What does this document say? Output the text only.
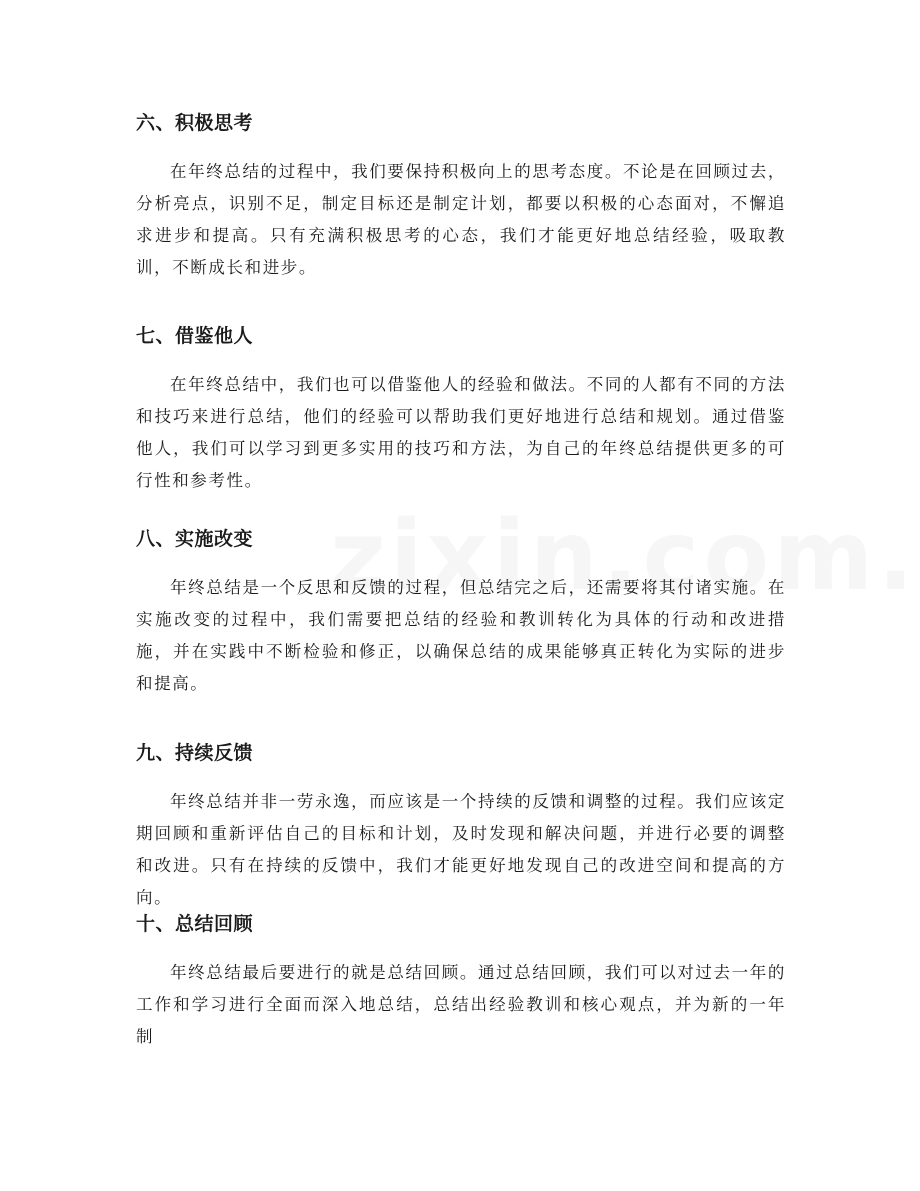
六、积极思考

在年终总结的过程中，我们要保持积极向上的思考态度。不论是在回顾过去，分析亮点，识别不足，制定目标还是制定计划，都要以积极的心态面对，不懈追求进步和提高。只有充满积极思考的心态，我们才能更好地总结经验，吸取教训，不断成长和进步。

七、借鉴他人

在年终总结中，我们也可以借鉴他人的经验和做法。不同的人都有不同的方法和技巧来进行总结，他们的经验可以帮助我们更好地进行总结和规划。通过借鉴他人，我们可以学习到更多实用的技巧和方法，为自己的年终总结提供更多的可行性和参考性。

八、实施改变

年终总结是一个反思和反馈的过程，但总结完之后，还需要将其付诸实施。在实施改变的过程中，我们需要把总结的经验和教训转化为具体的行动和改进措施，并在实践中不断检验和修正，以确保总结的成果能够真正转化为实际的进步和提高。

九、持续反馈

年终总结并非一劳永逸，而应该是一个持续的反馈和调整的过程。我们应该定期回顾和重新评估自己的目标和计划，及时发现和解决问题，并进行必要的调整和改进。只有在持续的反馈中，我们才能更好地发现自己的改进空间和提高的方向。

十、总结回顾

年终总结最后要进行的就是总结回顾。通过总结回顾，我们可以对过去一年的工作和学习进行全面而深入地总结，总结出经验教训和核心观点，并为新的一年制
